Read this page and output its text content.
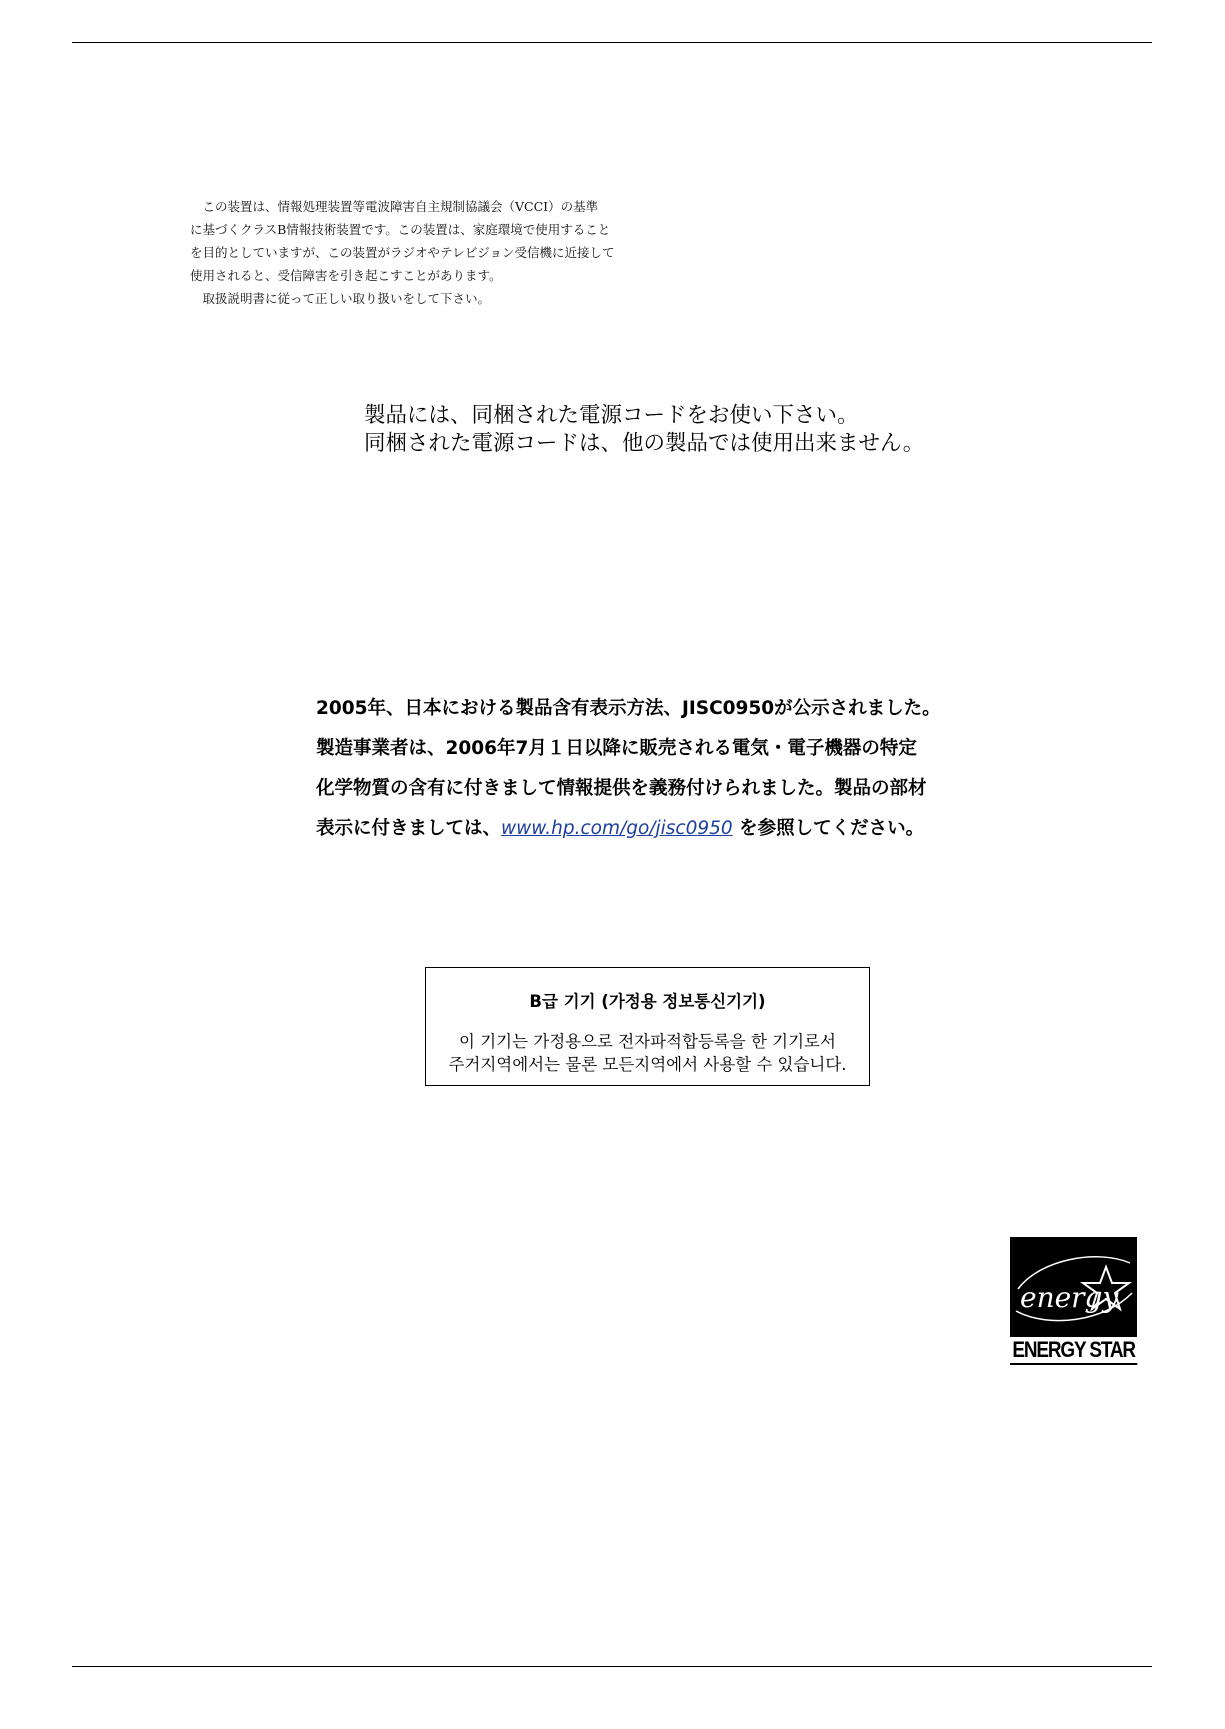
　この装置は、情報処理装置等電波障害自主規制協議会（VCCI）の基準
に基づくクラスB情報技術装置です。この装置は、家庭環境で使用すること
を目的としていますが、この装置がラジオやテレビジョン受信機に近接して
使用されると、受信障害を引き起こすことがあります。
　取扱説明書に従って正しい取り扱いをして下さい。
製品には、同梱された電源コードをお使い下さい。
同梱された電源コードは、他の製品では使用出来ません。
2005年、日本における製品含有表示方法、JISC0950が公示されました。
製造事業者は、2006年7月１日以降に販売される電気・電子機器の特定
化学物質の含有に付きまして情報提供を義務付けられました。製品の部材
表示に付きましては、www.hp.com/go/jisc0950 を参照してください。
B급 기기 (가정용 정보통신기기)
이 기기는 가정용으로 전자파적합등록을 한 기기로서
주거지역에서는 물론 모든지역에서 사용할 수 있습니다.
energy
ENERGY STAR
